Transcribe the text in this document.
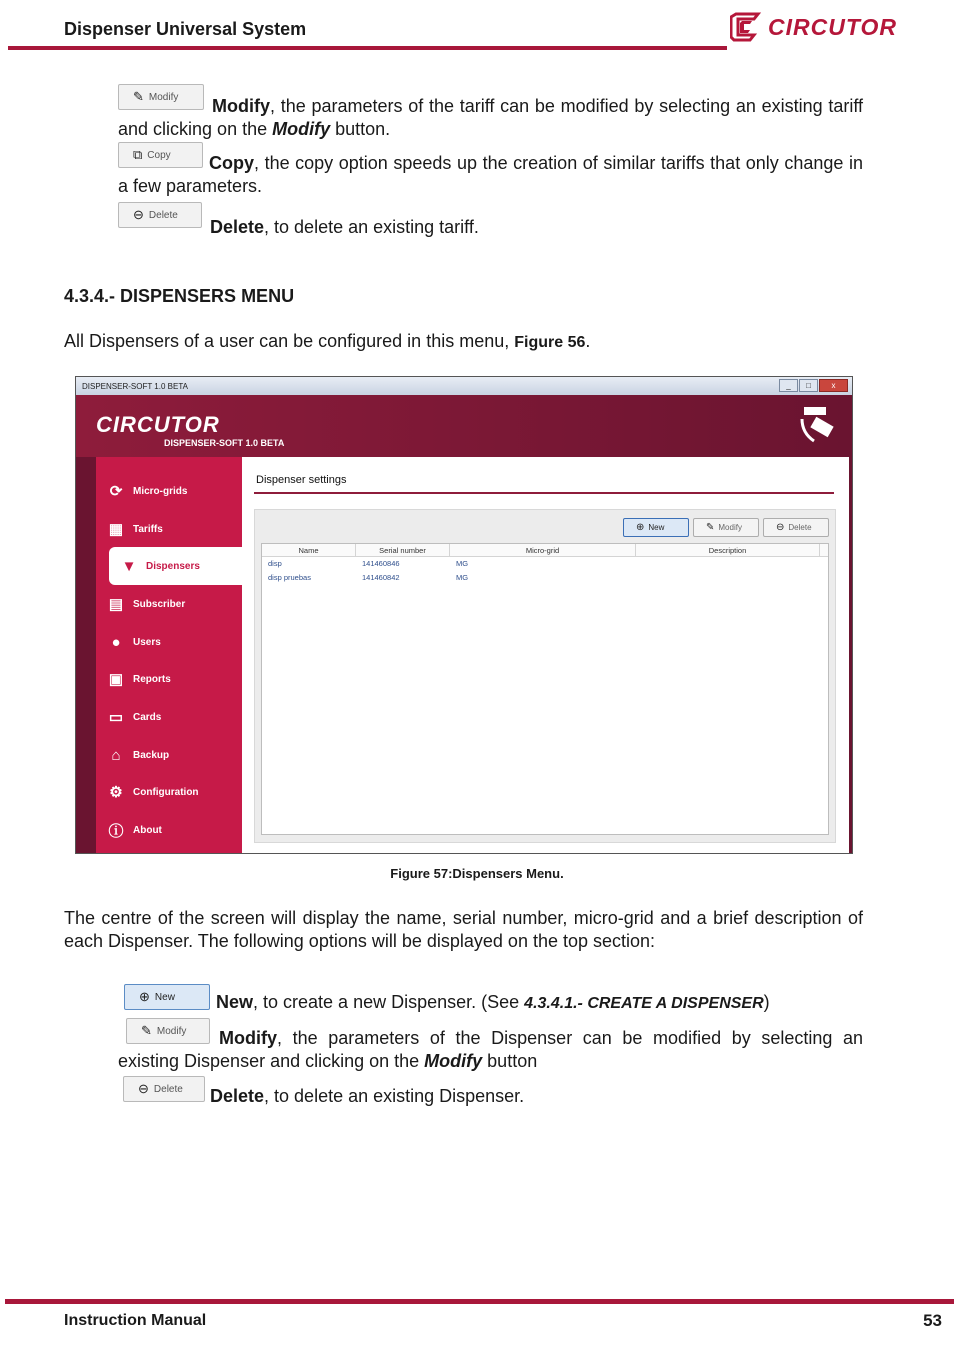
Dispenser Universal System	CIRCUTOR
✎ Modify	Modify, the parameters of the tariff can be modified by selecting an existing tariff and clicking on the Modify button.
⧉ Copy	Copy, the copy option speeds up the creation of similar tariffs that only change in a few parameters.
⊖ Delete
Delete, to delete an existing tariff.
4.3.4.- DISPENSERS MENU
All Dispensers of a user can be configured in this menu, Figure 56.
DISPENSER-SOFT 1.0 BETA	_	□	x
CIRCUTOR
DISPENSER-SOFT 1.0 BETA
⟳	Micro-grids
▦ Tariffs
▼ Dispensers
▤ Subscriber
●	Users
▣ Reports
▭ Cards
⌂	Backup
⚙	Configuration
ⓘ About
Dispenser settings
⊕ New	✎ Modify	⊖ Delete
Name	Serial number	Micro-grid	Description
disp	141460846	MG
disp pruebas	141460842	MG
Figure 57:Dispensers Menu.
The centre of the screen will display the name, serial number, micro-grid and a brief description of each Dispenser. The following options will be displayed on the top section:
⊕ New	New, to create a new Dispenser. (See 4.3.4.1.- CREATE A DISPENSER)
✎ Modify	Modify, the parameters of the Dispenser can be modified by selecting an existing Dispenser and clicking on the Modify button
⊖ Delete	Delete, to delete an existing Dispenser.
Instruction Manual	53
